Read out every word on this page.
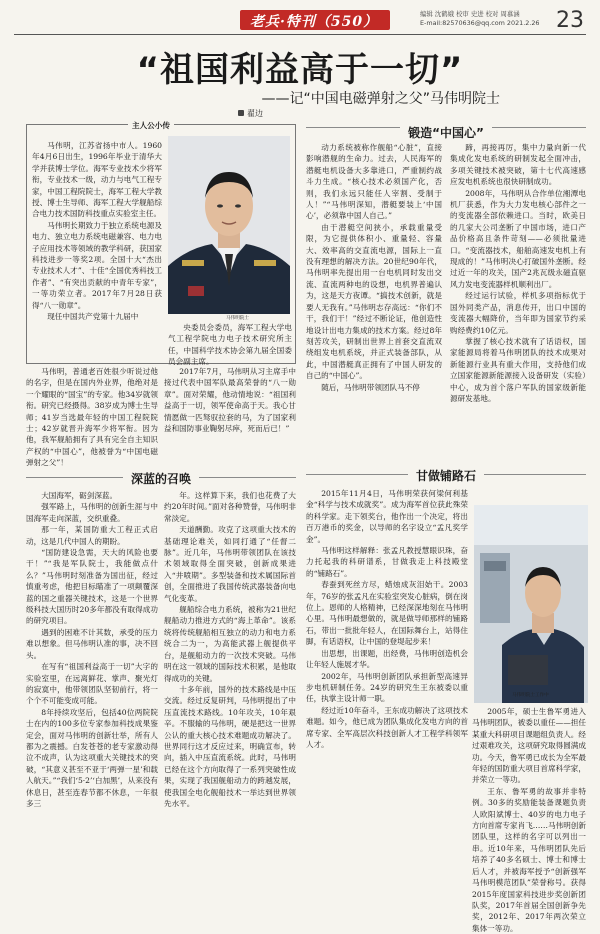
老兵·特刊（550）	编辑 沈鹤娥 校审 史进 校对 周慕涵
E-mail:82570636@qq.com 2021.2.26 23
“祖国利益高于一切”
——记“中国电磁弹射之父”马伟明院士
翟边
主人公小传

马伟明，江苏省扬中市人。1960年4月6日出生，1996年毕业于清华大学并获博士学位。海军专业技术少将军衔，专业技术一级，动力与电气工程专家，中国工程院院士，海军工程大学教授、博士生导师、海军工程大学舰船综合电力技术国防科技重点实验室主任。

马伟明长期致力于独立系统电源及电力、独立电力系统电磁兼容、电力电子应用技术等领域的教学科研，获国家科技进步一等奖2项。全国十大“杰出专业技术人才”、十佳“全国优秀科技工作者”、“有突出贡献的中青年专家”，一等功荣立者。2017年7月28日获得“八一勋章”。

现任中国共产党第十九届中	马伟明院士
央委员会委员，海军工程大学电气工程学院电力电子技术研究所主任，中国科学技术协会第九届全国委员会副主席。
马伟明，普通老百姓很少听说过他的名字，但是在国内外业界，他绝对是一个耀眼的“国宝”的专家。他34岁就领衔。研究已经摄得。38岁成为博士生导师；41岁当选最年轻的中国工程院院士；42岁就晋升海军少将军衔。因为他，我军舰船拥有了具有完全自主知识产权的“中国心”，他被誉为“中国电磁弹射之父”！
2017年7月，马伟明从习主席手中接过代表中国军队最高荣誉的“八一勋章”。面对荣耀，他动情地说：“祖国利益高于一切，领军使命高于天。我心甘情愿做一匹驽驭拉套的马，为了国家利益和国防事业鞠躬尽瘁，死而后已！”
锻造“中国心”

动力系统被称作舰船“心脏”，直接影响潜舰的生命力。过去，人民海军的潜艇电机设备大多靠进口，严重制约战斗力生成。“核心技术必须国产化，否则，我们永远只能任人宰割、受制于人！”“马伟明深知，潜艇要装上‘中国心’，必须靠中国人自己。”

由于潜艇空间狭小，承载重量受限，为它提供体积小、重量轻、容量大、效率高的交直流电源，国际上一直没有理想的解决方法。20世纪90年代，马伟明率先提出用一台电机同时发出交流、直流两种电的设想，电机界普遍认为，这是天方夜谭。“搞技术创新，就是要人无我有。”马伟明志存高远：“你们不干，我们干！”经过不断论证，他创造性地设计出电力集成的技术方案。经过8年刻苦攻关，研制出世界上首套交直流双绕组发电机系统，并正式装备部队，从此，中国潜艇真正拥有了中国人研发的自己的“中国心”。

随后，马伟明带领团队马不停

蹄，再接再厉，集中力量向新一代集成化发电系统的研制发起全面冲击，多项关键技术被突破，第十七代高速感应发电机系统也很快研制成功。

2008年，马伟明从合作单位湘潭电机厂获悉，作为大力发电核心部件之一的变流器全部依赖进口。当时，欧美日的几家大公司垄断了中国市场，进口产品价格高且条件苛刻——必须批量进口。“变流器技术，船舶高速发电机上有现成的！”马伟明决心打破国外垄断。经过近一年的攻关，国产2兆瓦级永磁直驱风力发电变流器样机顺利出厂。

经过运行试验，样机多项指标优于国外同类产品，消息传开，出口中国的变流器大幅降价，当年即为国家节约采购经费约10亿元。

掌握了核心技术就有了话语权，国家能源局将着马伟明团队的技术成果对新能源行业具有重大作用，支持他们成立国家能源新能源接入设备研发（实验）中心，成为首个落户军队的国家级新能源研发基地。

深蓝的召唤

大国海军，砺剑深蓝。

强军路上，马伟明的创新生涯与中国海军走向深蓝，交织重叠。

那一年，某国防重大工程正式启动，这是几代中国人的期盼。

“国防建设急需，天大的风险也要干！”“我是军队院士，我能做点什么？”马伟明时刻准备为国出征，经过慎重考虑，他把目标瞄准了一项颠覆深蓝的国之重器关键技术，这是一个世界级科技大国历时20多年都没有取得成功的研究项目。

遇到的困难不计其数，承受的压力难以想象。但马伟明认准的事，决不回头。

在写有“祖国利益高于一切”大字的实验室里，在远离鲜花、掌声、聚光灯的寂寞中，他带领团队坚韧前行，将一个个不可能变成可能。

8年持续攻坚后，包括40位两院院士在内的100多位专家参加科技成果鉴定会，面对马伟明的创新壮举，所有人都为之震撼。白发苍苍的老专家激动得泣不成声，认为这项重大关键技术的突破，“其意义甚至不亚于‘两弹一星’和载人航天。”“我们‘5·2’‘白加黑’，从来没有休息日，甚至连春节都不休息，一年很多三

年。这样算下来，我们也花费了大约20年时间。”面对各种赞誉，马伟明非常淡定。

天道酬勤。攻克了这项重大技术的基础理论难关，如同打通了“任督二脉”。近几年，马伟明带领团队在该技术领域取得全面突破，创新成果进入“井喷期”。多型装备和技术属国际首创，全面推进了我国传统武器装备向电气化变革。

舰船综合电力系统，被称为21世纪舰船动力推进方式的“海上革命”。该系统将传统舰船相互独立的动力和电力系统合二为一，为高能武器上舰提供平台，是舰船动力的一次技术突破。马伟明在这一领域的国际技术积累，是他取得成功的关键。

十多年前，国外的技术路线是中压交流。经过反复研判，马伟明提出了中压直流技术路线。10年攻关，10年艰辛。不服输的马伟明，硬是把这一世界公认的重大核心技术难题成功解决了。世界同行这才反应过来，明确宣布，转向，插入中压直流系统。此时，马伟明已经在这个方向取得了一系列突破性成果，实现了我国舰船动力的跨越发展，使我国全电化舰船技术一举达到世界领先水平。

甘做铺路石

2015年11月4日，马伟明荣获何梁何利基金“科学与技术成就奖”。成为海军首位获此殊荣的科学家。走下领奖台，他作出一个决定，将出百万港币的奖金，以导师的名字设立“孟凡奖学金”。

马伟明这样解释：张孟凡教授慧眼识珠，奋力托起我的科研谱系，甘做我走上科技殿堂的“铺路石”。

春蚕到死丝方尽，蜡烛成灰泪始干。2003年，76岁的张孟凡在实验室突发心脏病，倒在岗位上。恩师的人格精神，已经深深地刻在马伟明心里。马伟明最想做的，就是做导师那样的铺路石，带出一批批年轻人，在国际舞台上，站得住脚，有话语权，让中国的登堤起步来！

出思想，出课题，出经费，马伟明创造机会让年轻人施展才华。

2002年，马伟明创新团队承担新型高速异步电机研制任务。24岁的研究生王东被委以重任，执掌主设计师一职。

经过近10年奋斗，王东成功解决了这项技术难题。如今，他已成为团队集成化发电方向的首席专家、全军高层次科技创新人才工程学科领军人才。

马伟明院士工作中

2005年，硕士生鲁军勇进入马伟明团队，被委以重任——担任某重大科研项目课题组负责人。经过艰难攻关，这项研究取得圆满成功。今天，鲁军勇已成长为全军最年轻的国防重大项目首席科学家，并荣立一等功。

王东、鲁军勇的故事并非特例。30多的奖励能装备课题负责人欧阳斌博士、40岁的电力电子方向首席专家肖飞……马伟明创新团队里，这样的名字可以列出一串。近10年来，马伟明团队先后培养了40多名硕士、博士和博士后人才，并被海军授予“创新强军马伟明模范团队”荣誉称号。获得2015年度国家科技进步奖创新团队奖，2017年首届全国创新争先奖，2012年、2017年两次荣立集体一等功。
